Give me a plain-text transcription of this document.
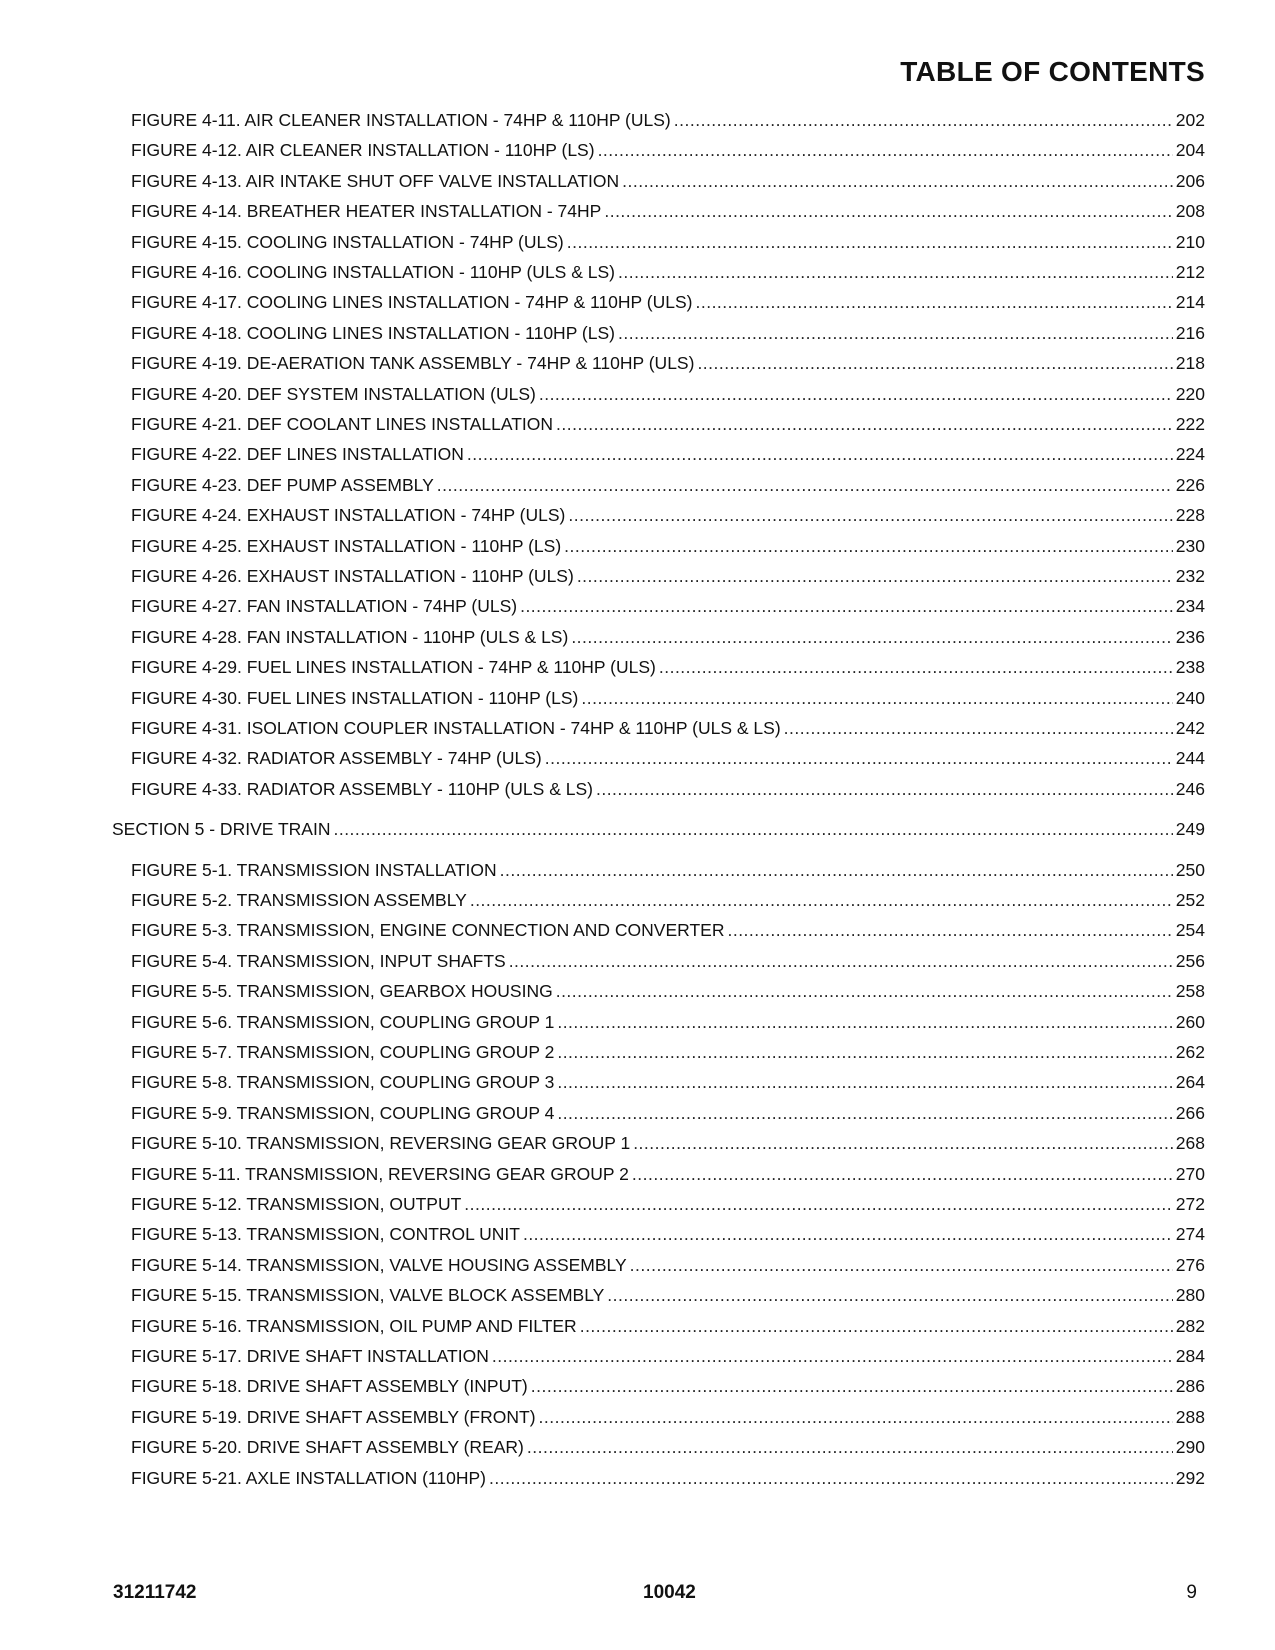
TABLE OF CONTENTS
FIGURE 4-11. AIR CLEANER INSTALLATION - 74HP & 110HP (ULS) .....	202
FIGURE 4-12. AIR CLEANER INSTALLATION - 110HP (LS) .....	204
FIGURE 4-13. AIR INTAKE SHUT OFF VALVE INSTALLATION .....	206
FIGURE 4-14. BREATHER HEATER INSTALLATION - 74HP .....	208
FIGURE 4-15. COOLING INSTALLATION - 74HP (ULS) .....	210
FIGURE 4-16. COOLING INSTALLATION - 110HP (ULS & LS) .....	212
FIGURE 4-17. COOLING LINES INSTALLATION - 74HP & 110HP (ULS) .....	214
FIGURE 4-18. COOLING LINES INSTALLATION - 110HP (LS) .....	216
FIGURE 4-19. DE-AERATION TANK ASSEMBLY - 74HP & 110HP (ULS) .....	218
FIGURE 4-20. DEF SYSTEM INSTALLATION (ULS) .....	220
FIGURE 4-21. DEF COOLANT LINES INSTALLATION .....	222
FIGURE 4-22. DEF LINES INSTALLATION .....	224
FIGURE 4-23. DEF PUMP ASSEMBLY .....	226
FIGURE 4-24. EXHAUST INSTALLATION - 74HP (ULS) .....	228
FIGURE 4-25. EXHAUST INSTALLATION - 110HP (LS) .....	230
FIGURE 4-26. EXHAUST INSTALLATION - 110HP (ULS) .....	232
FIGURE 4-27. FAN INSTALLATION - 74HP (ULS) .....	234
FIGURE 4-28. FAN INSTALLATION - 110HP (ULS & LS) .....	236
FIGURE 4-29. FUEL LINES INSTALLATION - 74HP & 110HP (ULS) .....	238
FIGURE 4-30. FUEL LINES INSTALLATION - 110HP (LS) .....	240
FIGURE 4-31. ISOLATION COUPLER INSTALLATION - 74HP & 110HP (ULS & LS) .....	242
FIGURE 4-32. RADIATOR ASSEMBLY - 74HP (ULS) .....	244
FIGURE 4-33. RADIATOR ASSEMBLY - 110HP (ULS & LS) .....	246
SECTION 5 - DRIVE TRAIN .....	249
FIGURE 5-1. TRANSMISSION INSTALLATION .....	250
FIGURE 5-2. TRANSMISSION ASSEMBLY .....	252
FIGURE 5-3. TRANSMISSION, ENGINE CONNECTION AND CONVERTER .....	254
FIGURE 5-4. TRANSMISSION, INPUT SHAFTS .....	256
FIGURE 5-5. TRANSMISSION, GEARBOX HOUSING .....	258
FIGURE 5-6. TRANSMISSION, COUPLING GROUP 1 .....	260
FIGURE 5-7. TRANSMISSION, COUPLING GROUP 2 .....	262
FIGURE 5-8. TRANSMISSION, COUPLING GROUP 3 .....	264
FIGURE 5-9. TRANSMISSION, COUPLING GROUP 4 .....	266
FIGURE 5-10. TRANSMISSION, REVERSING GEAR GROUP 1 .....	268
FIGURE 5-11. TRANSMISSION, REVERSING GEAR GROUP 2 .....	270
FIGURE 5-12. TRANSMISSION, OUTPUT .....	272
FIGURE 5-13. TRANSMISSION, CONTROL UNIT .....	274
FIGURE 5-14. TRANSMISSION, VALVE HOUSING ASSEMBLY .....	276
FIGURE 5-15. TRANSMISSION, VALVE BLOCK ASSEMBLY .....	280
FIGURE 5-16. TRANSMISSION, OIL PUMP AND FILTER .....	282
FIGURE 5-17. DRIVE SHAFT INSTALLATION .....	284
FIGURE 5-18. DRIVE SHAFT ASSEMBLY (INPUT) .....	286
FIGURE 5-19. DRIVE SHAFT ASSEMBLY (FRONT) .....	288
FIGURE 5-20. DRIVE SHAFT ASSEMBLY (REAR) .....	290
FIGURE 5-21. AXLE INSTALLATION (110HP) .....	292
31211742	10042	9
